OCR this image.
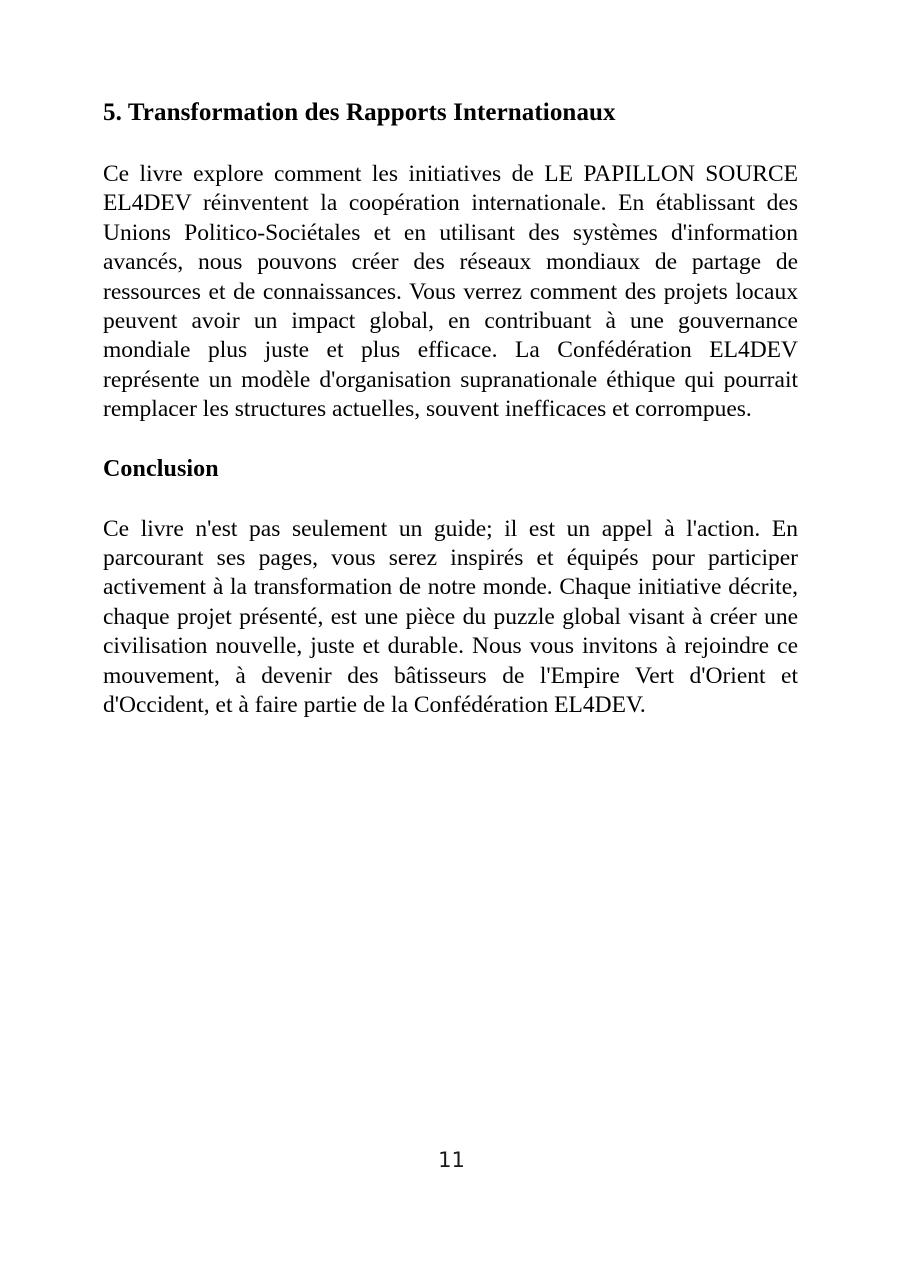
5. Transformation des Rapports Internationaux

Ce livre explore comment les initiatives de LE PAPILLON SOURCE EL4DEV réinventent la coopération internationale. En établissant des Unions Politico-Sociétales et en utilisant des systèmes d'information avancés, nous pouvons créer des réseaux mondiaux de partage de ressources et de connaissances. Vous verrez comment des projets locaux peuvent avoir un impact global, en contribuant à une gouvernance mondiale plus juste et plus efficace. La Confédération EL4DEV représente un modèle d'organisation supranationale éthique qui pourrait remplacer les structures actuelles, souvent inefficaces et corrompues.

Conclusion

Ce livre n'est pas seulement un guide; il est un appel à l'action. En parcourant ses pages, vous serez inspirés et équipés pour participer activement à la transformation de notre monde. Chaque initiative décrite, chaque projet présenté, est une pièce du puzzle global visant à créer une civilisation nouvelle, juste et durable. Nous vous invitons à rejoindre ce mouvement, à devenir des bâtisseurs de l'Empire Vert d'Orient et d'Occident, et à faire partie de la Confédération EL4DEV.

11
